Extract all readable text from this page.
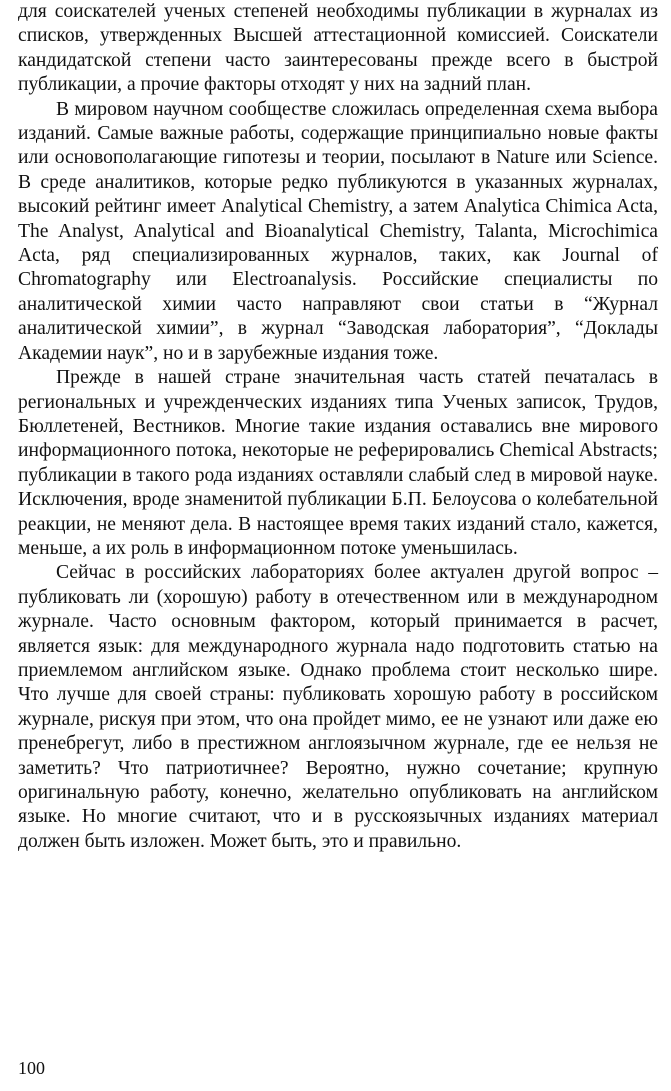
для соискателей ученых степеней необходимы публикации в журналах из списков, утвержденных Высшей аттестационной комиссией. Соискатели кандидатской степени часто заинтересованы прежде всего в быстрой публикации, а прочие факторы отходят у них на задний план.

В мировом научном сообществе сложилась определенная схема выбора изданий. Самые важные работы, содержащие принципиально новые факты или основополагающие гипотезы и теории, посылают в Nature или Science. В среде аналитиков, которые редко публикуются в указанных журналах, высокий рейтинг имеет Analytical Chemistry, а затем Analytica Chimica Acta, The Analyst, Analytical and Bioanalytical Chemistry, Talanta, Microchimica Acta, ряд специализированных журналов, таких, как Journal of Chromatography или Electroanalysis. Российские специалисты по аналитической химии часто направляют свои статьи в “Журнал аналитической химии”, в журнал “Заводская лаборатория”, “Доклады Академии наук”, но и в зарубежные издания тоже.

Прежде в нашей стране значительная часть статей печаталась в региональных и учрежденческих изданиях типа Ученых записок, Трудов, Бюллетеней, Вестников. Многие такие издания оставались вне мирового информационного потока, некоторые не реферировались Chemical Abstracts; публикации в такого рода изданиях оставляли слабый след в мировой науке. Исключения, вроде знаменитой публикации Б.П. Белоусова о колебательной реакции, не меняют дела. В настоящее время таких изданий стало, кажется, меньше, а их роль в информационном потоке уменьшилась.

Сейчас в российских лабораториях более актуален другой вопрос – публиковать ли (хорошую) работу в отечественном или в международном журнале. Часто основным фактором, который принимается в расчет, является язык: для международного журнала надо подготовить статью на приемлемом английском языке. Однако проблема стоит несколько шире. Что лучше для своей страны: публиковать хорошую работу в российском журнале, рискуя при этом, что она пройдет мимо, ее не узнают или даже ею пренебрегут, либо в престижном англоязычном журнале, где ее нельзя не заметить? Что патриотичнее? Вероятно, нужно сочетание; крупную оригинальную работу, конечно, желательно опубликовать на английском языке. Но многие считают, что и в русскоязычных изданиях материал должен быть изложен. Может быть, это и правильно.

100
